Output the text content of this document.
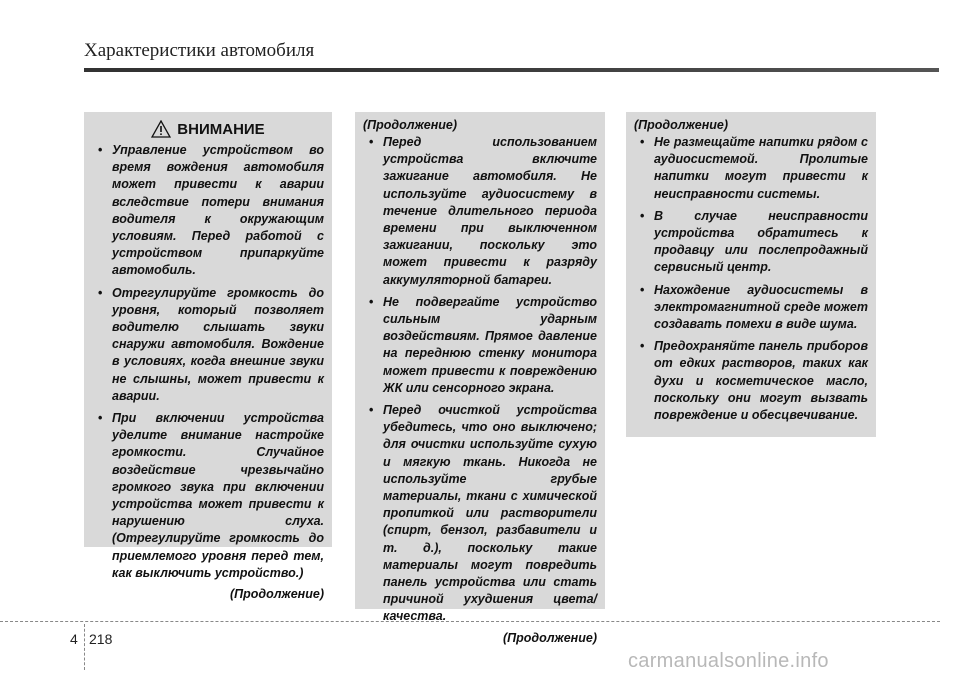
Характеристики автомобиля
ВНИМАНИЕ
• Управление устройством во время вождения автомобиля может привести к аварии вследствие потери внимания водителя к окружающим условиям. Перед работой с устройством припаркуйте автомобиль.
• Отрегулируйте громкость до уровня, который позволяет водителю слышать звуки снаружи автомобиля. Вождение в условиях, когда внешние звуки не слышны, может привести к аварии.
• При включении устройства уделите внимание настройке громкости. Случайное воздействие чрезвычайно громкого звука при включении устройства может привести к нарушению слуха. (Отрегулируйте громкость до приемлемого уровня перед тем, как выключить устройство.)
(Продолжение)
(Продолжение)
• Перед использованием устройства включите зажигание автомобиля. Не используйте аудиосистему в течение длительного периода времени при выключенном зажигании, поскольку это может привести к разряду аккумуляторной батареи.
• Не подвергайте устройство сильным ударным воздействиям. Прямое давление на переднюю стенку монитора может привести к повреждению ЖК или сенсорного экрана.
• Перед очисткой устройства убедитесь, что оно выключено; для очистки используйте сухую и мягкую ткань. Никогда не используйте грубые материалы, ткани с химической пропиткой или растворители (спирт, бензол, разбавители и т. д.), поскольку такие материалы могут повредить панель устройства или стать причиной ухудшения цвета/качества.
(Продолжение)
(Продолжение)
• Не размещайте напитки рядом с аудиосистемой. Пролитые напитки могут привести к неисправности системы.
• В случае неисправности устройства обратитесь к продавцу или послепродажный сервисный центр.
• Нахождение аудиосистемы в электромагнитной среде может создавать помехи в виде шума.
• Предохраняйте панель приборов от едких растворов, таких как духи и косметическое масло, поскольку они могут вызвать повреждение и обесцвечивание.
4 218
carmanualsonline.info
